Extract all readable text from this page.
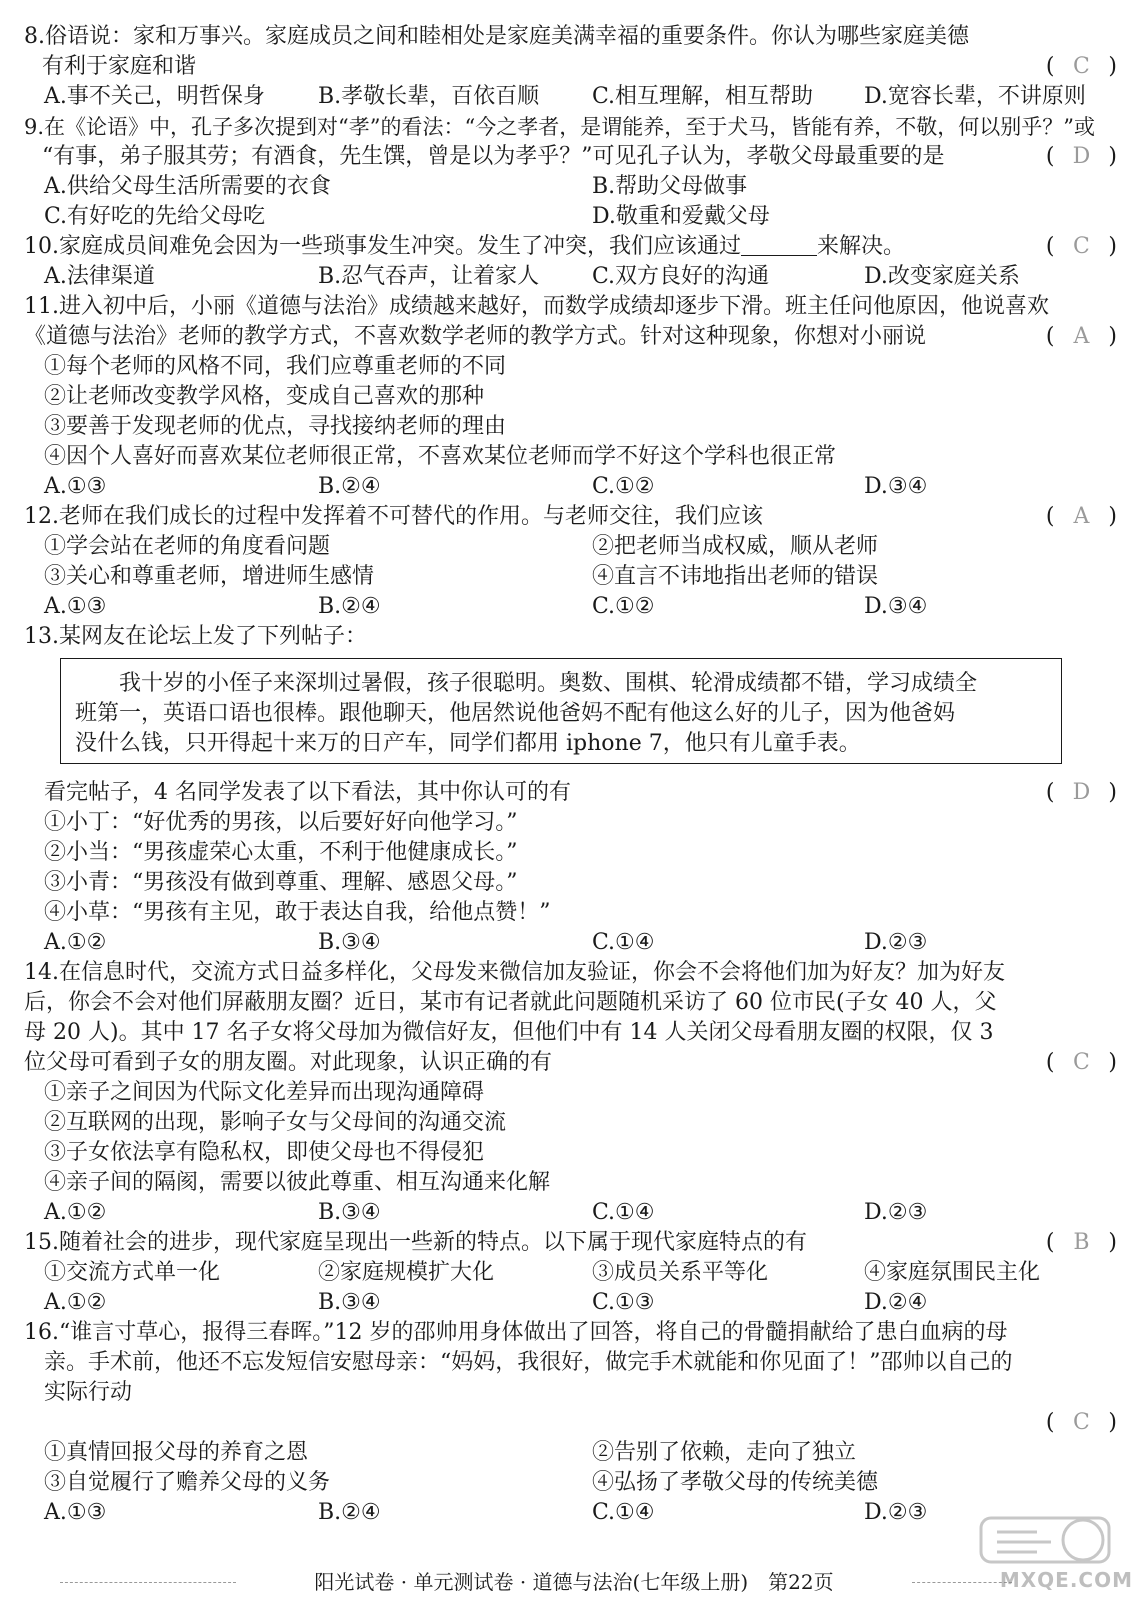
8.俗语说：家和万事兴。家庭成员之间和睦相处是家庭美满幸福的重要条件。你认为哪些家庭美德
有利于家庭和谐	( C )
A.事不关己，明哲保身 B.孝敬长辈，百依百顺 C.相互理解，相互帮助 D.宽容长辈，不讲原则
9.在《论语》中，孔子多次提到对“孝”的看法：“今之孝者，是谓能养，至于犬马，皆能有养，不敬，何以别乎？”或
“有事，弟子服其劳；有酒食，先生馔，曾是以为孝乎？”可见孔子认为，孝敬父母最重要的是	( D )
A.供给父母生活所需要的衣食	B.帮助父母做事
C.有好吃的先给父母吃	D.敬重和爱戴父母
10.家庭成员间难免会因为一些琐事发生冲突。发生了冲突，我们应该通过	来解决。	( C )
A.法律渠道	B.忍气吞声，让着家人 C.双方良好的沟通	D.改变家庭关系
11.进入初中后，小丽《道德与法治》成绩越来越好，而数学成绩却逐步下滑。班主任问他原因，他说喜欢
《道德与法治》老师的教学方式，不喜欢数学老师的教学方式。针对这种现象，你想对小丽说	( A )
①每个老师的风格不同，我们应尊重老师的不同
②让老师改变教学风格，变成自己喜欢的那种
③要善于发现老师的优点，寻找接纳老师的理由
④因个人喜好而喜欢某位老师很正常，不喜欢某位老师而学不好这个学科也很正常
A.①③	B.②④	C.①②	D.③④
12.老师在我们成长的过程中发挥着不可替代的作用。与老师交往，我们应该	( A )
①学会站在老师的角度看问题	②把老师当成权威，顺从老师
③关心和尊重老师，增进师生感情	④直言不讳地指出老师的错误
A.①③	B.②④	C.①②	D.③④
13.某网友在论坛上发了下列帖子：
我十岁的小侄子来深圳过暑假，孩子很聪明。奥数、围棋、轮滑成绩都不错，学习成绩全
班第一，英语口语也很棒。跟他聊天，他居然说他爸妈不配有他这么好的儿子，因为他爸妈
没什么钱，只开得起十来万的日产车，同学们都用 iphone 7，他只有儿童手表。
看完帖子，4 名同学发表了以下看法，其中你认可的有	( D )
①小丁：“好优秀的男孩，以后要好好向他学习。”
②小当：“男孩虚荣心太重，不利于他健康成长。”
③小青：“男孩没有做到尊重、理解、感恩父母。”
④小草：“男孩有主见，敢于表达自我，给他点赞！”
A.①②	B.③④	C.①④	D.②③
14.在信息时代，交流方式日益多样化，父母发来微信加友验证，你会不会将他们加为好友？加为好友
后，你会不会对他们屏蔽朋友圈？近日，某市有记者就此问题随机采访了 60 位市民(子女 40 人，父
母 20 人)。其中 17 名子女将父母加为微信好友，但他们中有 14 人关闭父母看朋友圈的权限，仅 3
位父母可看到子女的朋友圈。对此现象，认识正确的有	( C )
①亲子之间因为代际文化差异而出现沟通障碍
②互联网的出现，影响子女与父母间的沟通交流
③子女依法享有隐私权，即使父母也不得侵犯
④亲子间的隔阂，需要以彼此尊重、相互沟通来化解
A.①②	B.③④	C.①④	D.②③
15.随着社会的进步，现代家庭呈现出一些新的特点。以下属于现代家庭特点的有	( B )
①交流方式单一化	②家庭规模扩大化	③成员关系平等化	④家庭氛围民主化
A.①②	B.③④	C.①③	D.②④
16.“谁言寸草心，报得三春晖。”12 岁的邵帅用身体做出了回答，将自己的骨髓捐献给了患白血病的母
亲。手术前，他还不忘发短信安慰母亲：“妈妈，我很好，做完手术就能和你见面了！”邵帅以自己的
实际行动
( C )
①真情回报父母的养育之恩	②告别了依赖，走向了独立
③自觉履行了赡养父母的义务	④弘扬了孝敬父母的传统美德
A.①③	B.②④	C.①④	D.②③
阳光试卷 · 单元测试卷 · 道德与法治(七年级上册)　第22页	MXQE.COM
